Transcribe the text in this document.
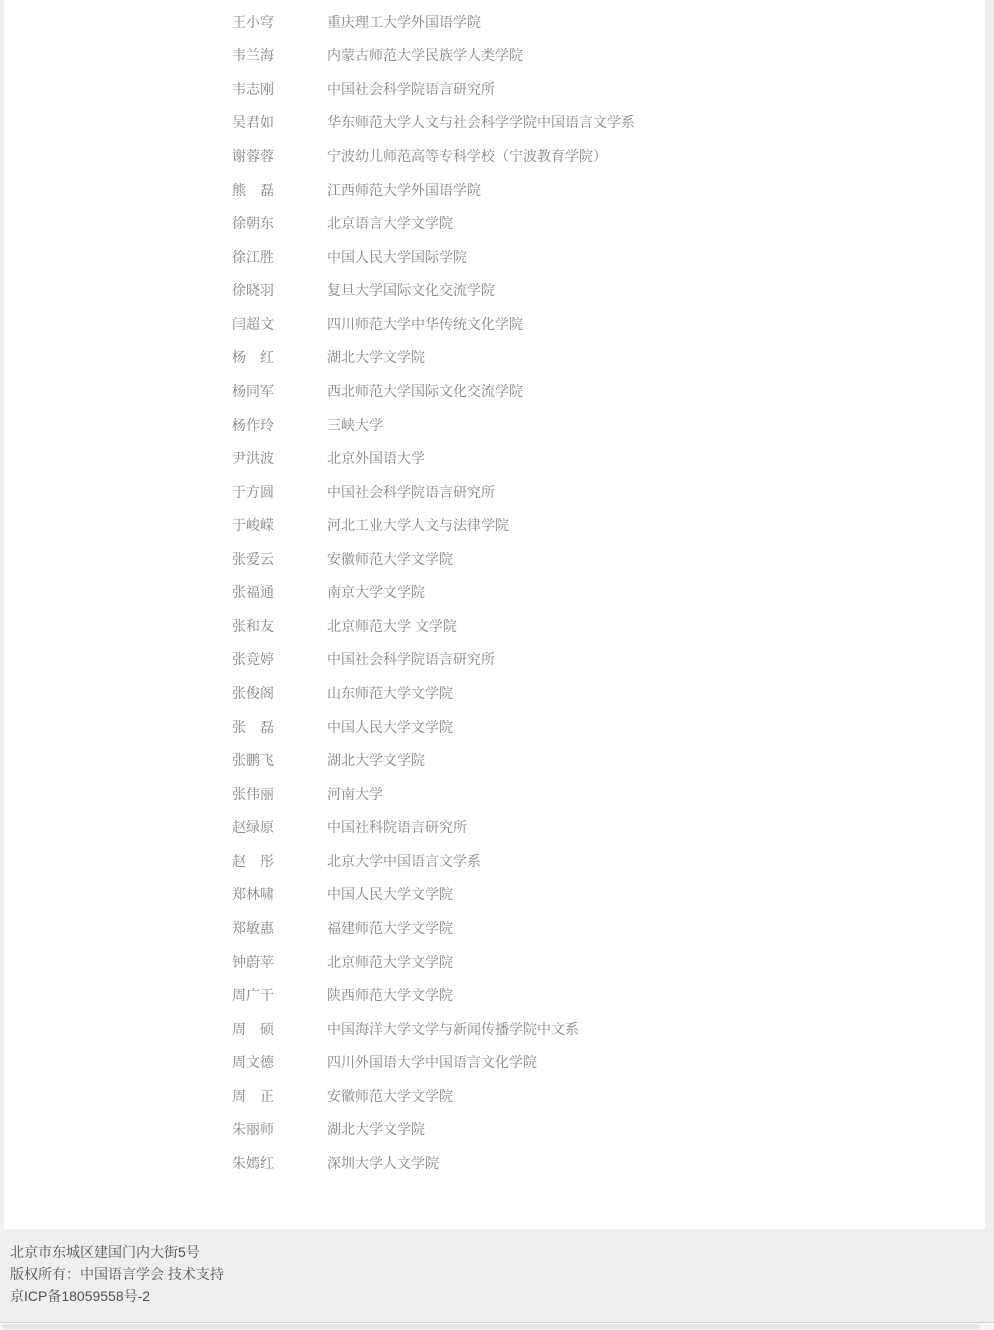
王小穹	重庆理工大学外国语学院
韦兰海	内蒙古师范大学民族学人类学院
韦志刚	中国社会科学院语言研究所
吴君如	华东师范大学人文与社会科学学院中国语言文学系
谢蓉蓉	宁波幼儿师范高等专科学校（宁波教育学院）
熊　磊	江西师范大学外国语学院
徐朝东	北京语言大学文学院
徐江胜	中国人民大学国际学院
徐晓羽	复旦大学国际文化交流学院
闫超文	四川师范大学中华传统文化学院
杨　红	湖北大学文学院
杨同军	西北师范大学国际文化交流学院
杨作玲	三峡大学
尹洪波	北京外国语大学
于方圆	中国社会科学院语言研究所
于峻嵘	河北工业大学人文与法律学院
张爱云	安徽师范大学文学院
张福通	南京大学文学院
张和友	北京师范大学 文学院
张竞婷	中国社会科学院语言研究所
张俊阁	山东师范大学文学院
张　磊	中国人民大学文学院
张鹏飞	湖北大学文学院
张伟丽	河南大学
赵绿原	中国社科院语言研究所
赵　彤	北京大学中国语言文学系
郑林啸	中国人民大学文学院
郑敏惠	福建师范大学文学院
钟蔚苹	北京师范大学文学院
周广干	陕西师范大学文学院
周　硕	中国海洋大学文学与新闻传播学院中文系
周文德	四川外国语大学中国语言文化学院
周　正	安徽师范大学文学院
朱丽师	湖北大学文学院
朱嫣红	深圳大学人文学院
北京市东城区建国门内大街5号
版权所有：中国语言学会 技术支持
京ICP备18059558号-2
